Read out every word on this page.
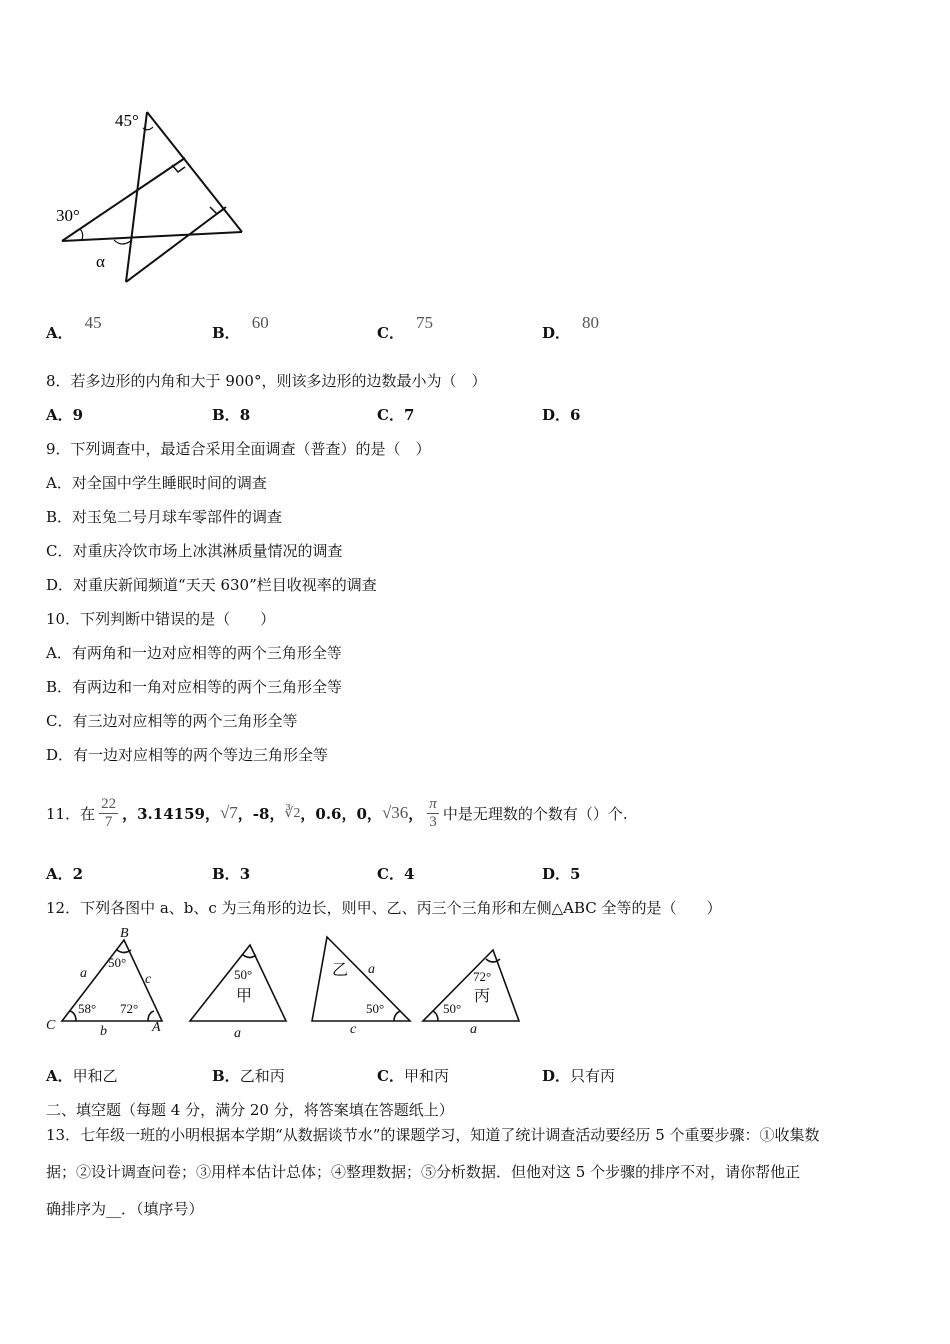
45°
30°
α
A．45
B．60
C．75
D．80
8．若多边形的内角和大于 900°，则该多边形的边数最小为（　）
A．9	B．8	C．7	D．6
9．下列调查中，最适合采用全面调查（普查）的是（　）
A．对全国中学生睡眠时间的调查
B．对玉兔二号月球车零部件的调查
C．对重庆冷饮市场上冰淇淋质量情况的调查
D．对重庆新闻频道“天天 630”栏目收视率的调查
10．下列判断中错误的是（　　）
A．有两角和一边对应相等的两个三角形全等
B．有两边和一角对应相等的两个三角形全等
C．有三边对应相等的两个三角形全等
D．有一边对应相等的两个等边三角形全等
11．在 $\frac{22}{7}$ ，3.14159， √7 ，-8， ∛2 ，0.6，0， √36 ， $\frac{\pi}{3}$ 中是无理数的个数有（）个.
A．2	B．3	C．4	D．5
12．下列各图中 a、b、c 为三角形的边长，则甲、乙、丙三个三角形和左侧△ABC 全等的是（　　）
B
C	A
a	c
b	a
a
c	a
50°
58° 72°
50°
50°
72°
50°
甲
乙
丙
A．甲和乙	B．乙和丙	C．甲和丙	D．只有丙
二、填空题（每题 4 分，满分 20 分，将答案填在答题纸上）
13．七年级一班的小明根据本学期“从数据谈节水”的课题学习，知道了统计调查活动要经历 5 个重要步骤：①收集数
据；②设计调查问卷；③用样本估计总体；④整理数据；⑤分析数据．但他对这 5 个步骤的排序不对，请你帮他正
确排序为__．（填序号）
